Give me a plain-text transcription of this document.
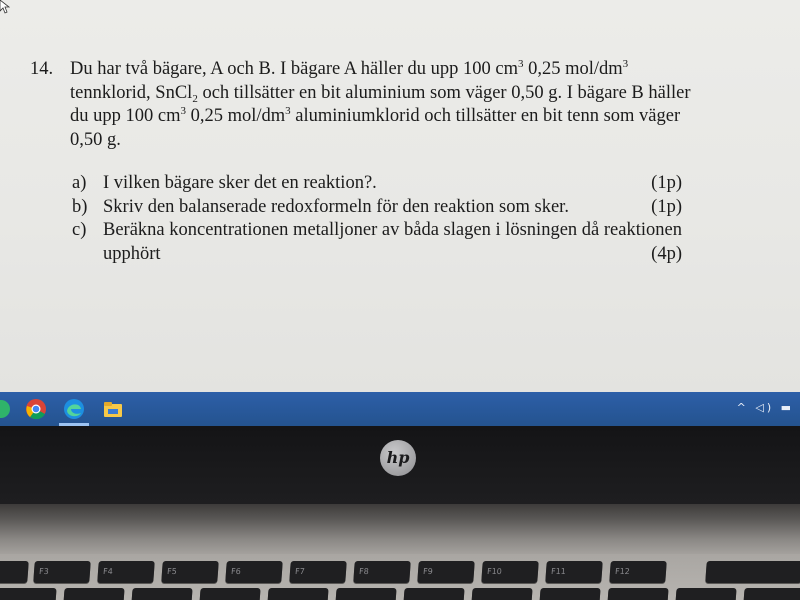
14. Du har två bägare, A och B. I bägare A häller du upp 100 $cm^3$ 0,25 mol/$dm^3$
tennklorid, SnCl$_2$ och tillsätter en bit aluminium som väger 0,50 g. I bägare B häller
du upp 100 $cm^3$ 0,25 mol/$dm^3$ aluminiumklorid och tillsätter en bit tenn som väger
0,50 g.
a) I vilken bägare sker det en reaktion?.	(1p)
b) Skriv den balanserade redoxformeln för den reaktion som sker.	(1p)
c) Beräkna koncentrationen metalljoner av båda slagen i lösningen då reaktionen
upphört	(4p)
^ ◁) ▬
hp
F3	F4	F5	F6	F7	F8	F9	F10	F11	F12
